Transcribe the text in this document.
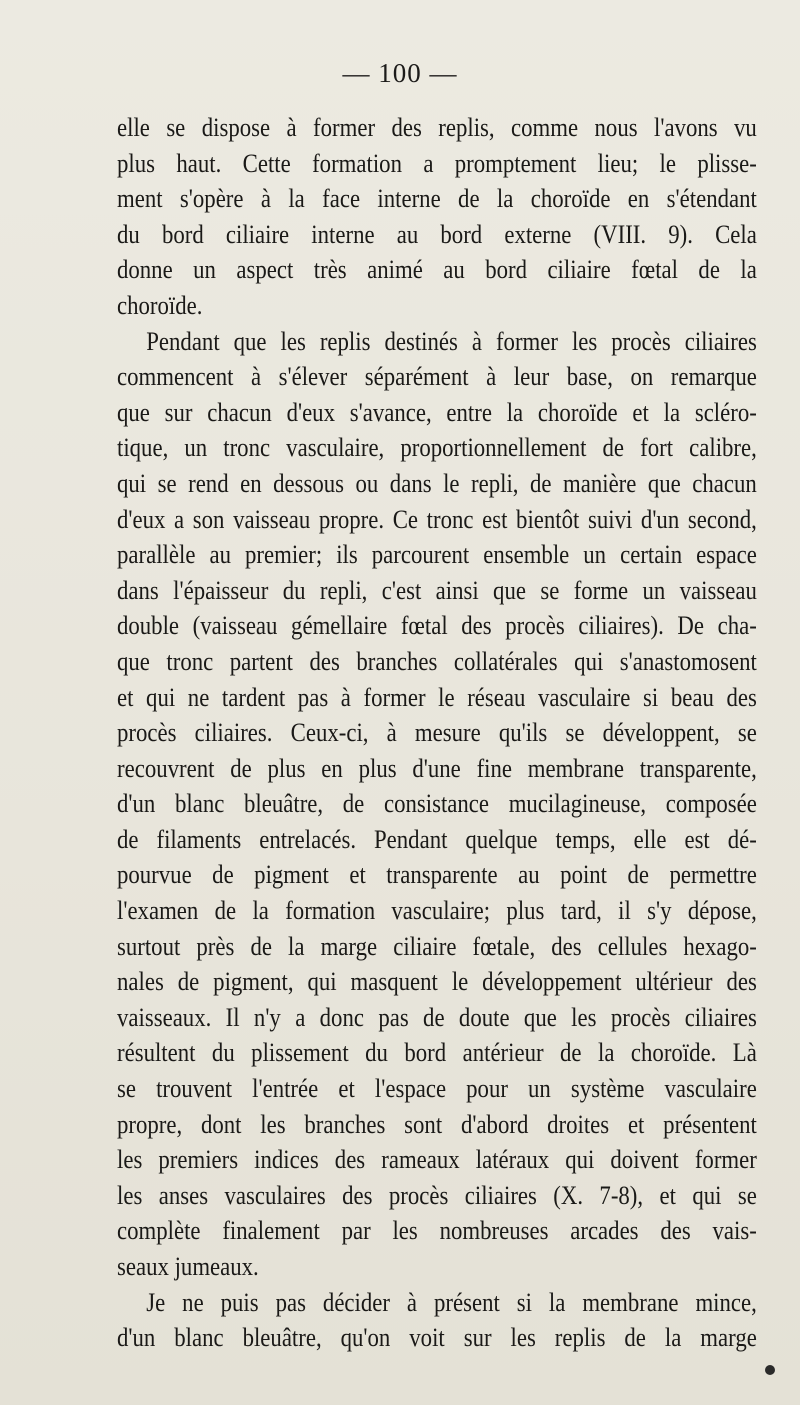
— 100 —
elle se dispose à former des replis, comme nous l'avons vu
plus haut. Cette formation a promptement lieu; le plisse-
ment s'opère à la face interne de la choroïde en s'étendant
du bord ciliaire interne au bord externe (VIII. 9). Cela
donne un aspect très animé au bord ciliaire fœtal de la
choroïde.
Pendant que les replis destinés à former les procès ciliaires
commencent à s'élever séparément à leur base, on remarque
que sur chacun d'eux s'avance, entre la choroïde et la scléro-
tique, un tronc vasculaire, proportionnellement de fort calibre,
qui se rend en dessous ou dans le repli, de manière que chacun
d'eux a son vaisseau propre. Ce tronc est bientôt suivi d'un second,
parallèle au premier; ils parcourent ensemble un certain espace
dans l'épaisseur du repli, c'est ainsi que se forme un vaisseau
double (vaisseau gémellaire fœtal des procès ciliaires). De cha-
que tronc partent des branches collatérales qui s'anastomosent
et qui ne tardent pas à former le réseau vasculaire si beau des
procès ciliaires. Ceux-ci, à mesure qu'ils se développent, se
recouvrent de plus en plus d'une fine membrane transparente,
d'un blanc bleuâtre, de consistance mucilagineuse, composée
de filaments entrelacés. Pendant quelque temps, elle est dé-
pourvue de pigment et transparente au point de permettre
l'examen de la formation vasculaire; plus tard, il s'y dépose,
surtout près de la marge ciliaire fœtale, des cellules hexago-
nales de pigment, qui masquent le développement ultérieur des
vaisseaux. Il n'y a donc pas de doute que les procès ciliaires
résultent du plissement du bord antérieur de la choroïde. Là
se trouvent l'entrée et l'espace pour un système vasculaire
propre, dont les branches sont d'abord droites et présentent
les premiers indices des rameaux latéraux qui doivent former
les anses vasculaires des procès ciliaires (X. 7-8), et qui se
complète finalement par les nombreuses arcades des vais-
seaux jumeaux.
Je ne puis pas décider à présent si la membrane mince,
d'un blanc bleuâtre, qu'on voit sur les replis de la marge
